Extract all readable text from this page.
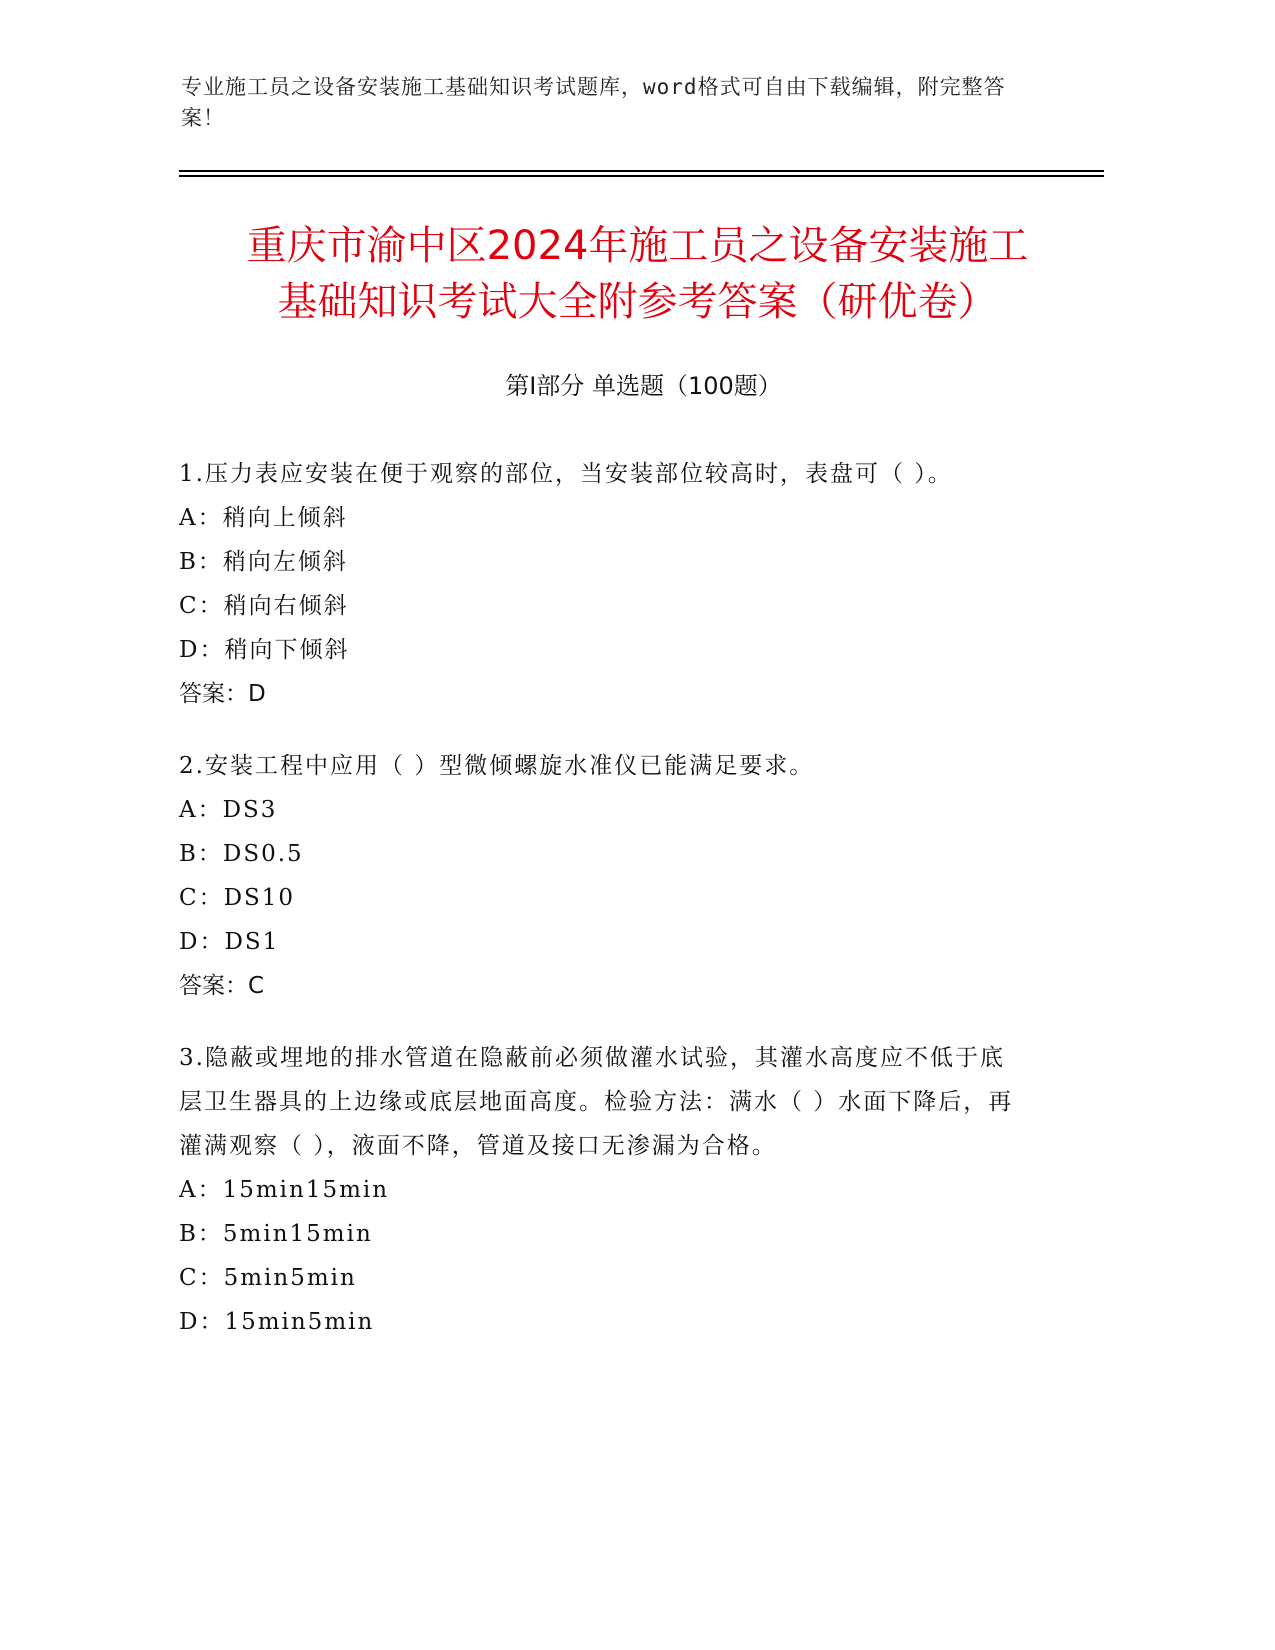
专业施工员之设备安装施工基础知识考试题库，word格式可自由下载编辑，附完整答案！
重庆市渝中区2024年施工员之设备安装施工
基础知识考试大全附参考答案（研优卷）
第Ⅰ部分 单选题（100题）
1.压力表应安装在便于观察的部位，当安装部位较高时，表盘可（ ）。
A：稍向上倾斜
B：稍向左倾斜
C：稍向右倾斜
D：稍向下倾斜
答案：D
2.安装工程中应用（ ）型微倾螺旋水准仪已能满足要求。
A：DS3
B：DS0.5
C：DS10
D：DS1
答案：C
3.隐蔽或埋地的排水管道在隐蔽前必须做灌水试验，其灌水高度应不低于底层卫生器具的上边缘或底层地面高度。检验方法：满水（ ）水面下降后，再灌满观察（ ），液面不降，管道及接口无渗漏为合格。
A：15min15min
B：5min15min
C：5min5min
D：15min5min
